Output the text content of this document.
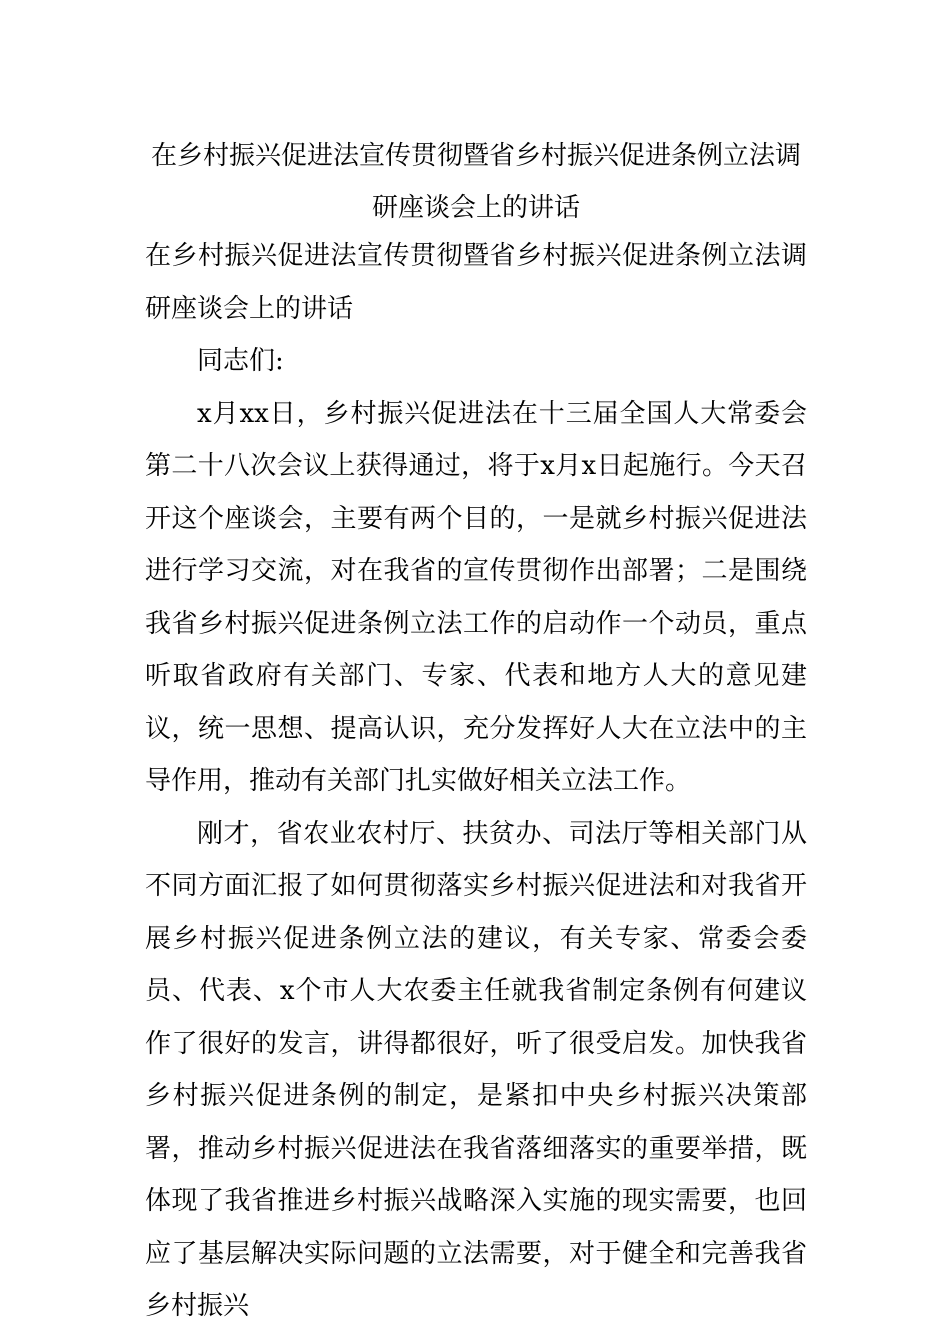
在乡村振兴促进法宣传贯彻暨省乡村振兴促进条例立法调研座谈会上的讲话

在乡村振兴促进法宣传贯彻暨省乡村振兴促进条例立法调研座谈会上的讲话

同志们:

x月xx日，乡村振兴促进法在十三届全国人大常委会第二十八次会议上获得通过，将于x月x日起施行。今天召开这个座谈会，主要有两个目的，一是就乡村振兴促进法进行学习交流，对在我省的宣传贯彻作出部署；二是围绕我省乡村振兴促进条例立法工作的启动作一个动员，重点听取省政府有关部门、专家、代表和地方人大的意见建议，统一思想、提高认识，充分发挥好人大在立法中的主导作用，推动有关部门扎实做好相关立法工作。

刚才，省农业农村厅、扶贫办、司法厅等相关部门从不同方面汇报了如何贯彻落实乡村振兴促进法和对我省开展乡村振兴促进条例立法的建议，有关专家、常委会委员、代表、x个市人大农委主任就我省制定条例有何建议作了很好的发言，讲得都很好，听了很受启发。加快我省乡村振兴促进条例的制定，是紧扣中央乡村振兴决策部署，推动乡村振兴促进法在我省落细落实的重要举措，既体现了我省推进乡村振兴战略深入实施的现实需要，也回应了基层解决实际问题的立法需要，对于健全和完善我省乡村振兴
